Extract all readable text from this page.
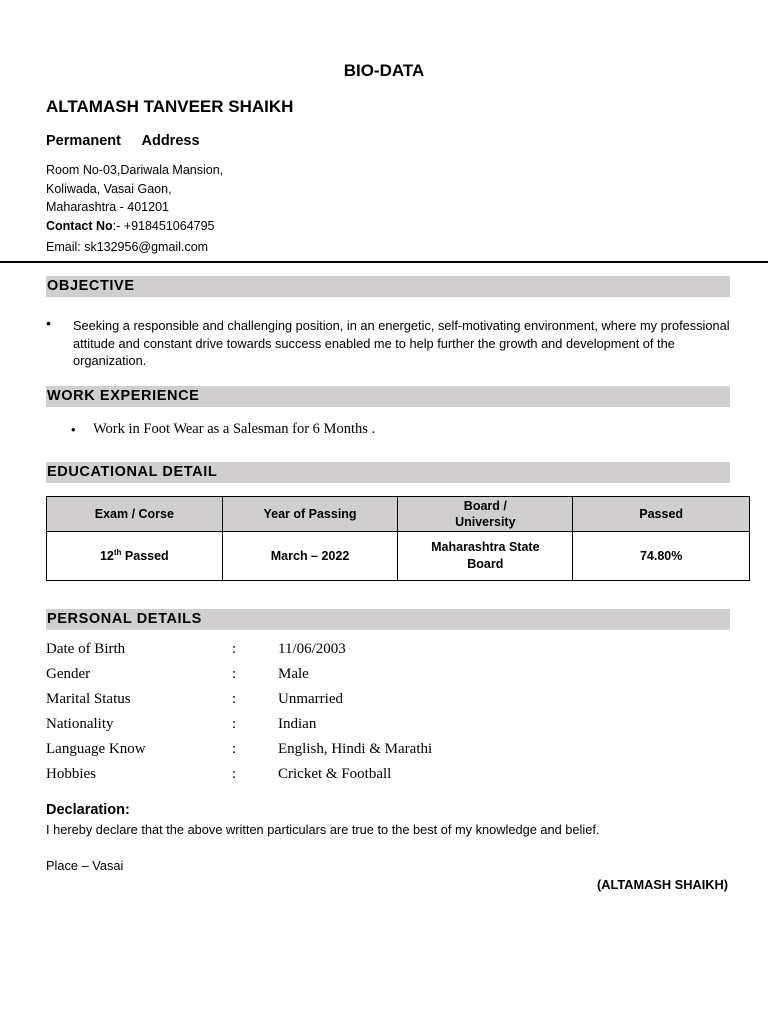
BIO-DATA
ALTAMASH TANVEER SHAIKH
Permanent   Address
Room No-03,Dariwala Mansion,
Koliwada, Vasai Gaon,
Maharashtra - 401201
Contact No:- +918451064795
Email: sk132956@gmail.com
OBJECTIVE
• Seeking a responsible and challenging position, in an energetic, self-motivating environment, where my professional attitude and constant drive towards success enabled me to help further the growth and development of the organization.
WORK EXPERIENCE
• Work in Foot Wear as a Salesman for 6 Months .
EDUCATIONAL DETAIL
Exam / Corse	Year of Passing	Board / University	Passed
12th Passed	March – 2022	Maharashtra State Board	74.80%
PERSONAL DETAILS
Date of Birth	:	11/06/2003
Gender	:	Male
Marital Status	:	Unmarried
Nationality	:	Indian
Language Know	:	English, Hindi & Marathi
Hobbies	:	Cricket & Football
Declaration:
I hereby declare that the above written particulars are true to the best of my knowledge and belief.
Place – Vasai
(ALTAMASH SHAIKH)
